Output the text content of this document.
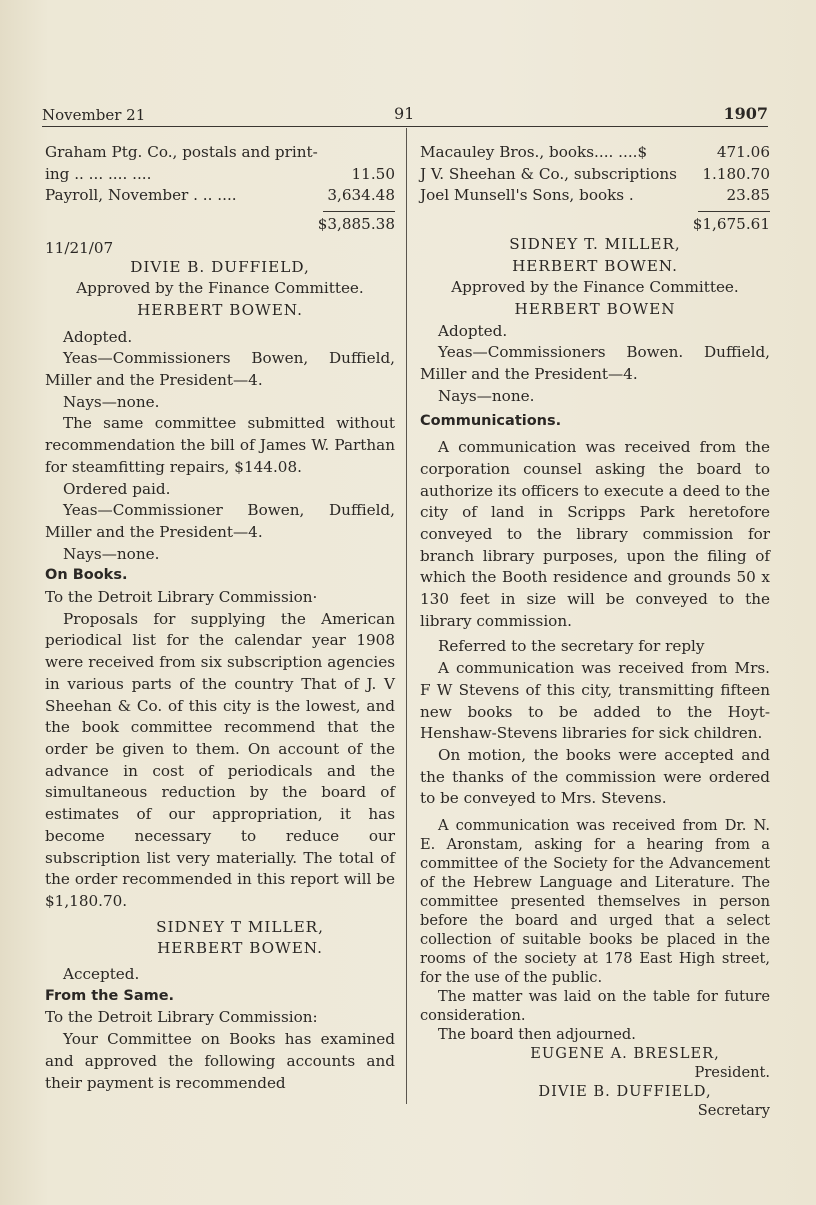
November 21	91	1907

Graham Ptg. Co., postals and print-

ing .. ... .... ....	11.50
Payroll, November . .. ....	3,634.48

$3,885.38

11/21/07

DIVIE B. DUFFIELD,

Approved by the Finance Committee.

HERBERT BOWEN.

Adopted.

Yeas—Commissioners Bowen, Duffield, Miller and the President—4.

Nays—none.

The same committee submitted without recommendation the bill of James W. Parthan for steamfitting repairs, $144.08.

Ordered paid.

Yeas—Commissioner Bowen, Duffield, Miller and the President—4.

Nays—none.

On Books.

To the Detroit Library Commission·

Proposals for supplying the American periodical list for the calendar year 1908 were received from six subscription agencies in various parts of the country That of J. V Sheehan & Co. of this city is the lowest, and the book committee recommend that the order be given to them. On account of the advance in cost of periodicals and the simultaneous reduction by the board of estimates of our appropriation, it has become necessary to reduce our subscription list very materially. The total of the order recommended in this report will be $1,180.70.

SIDNEY T MILLER,

HERBERT BOWEN.

Accepted.

From the Same.

To the Detroit Library Commission:

Your Committee on Books has examined and approved the following accounts and their payment is recommended

Macauley Bros., books.... ....$	471.06
J V. Sheehan & Co., subscriptions 1.180.70
Joel Munsell's Sons, books .	23.85

$1,675.61

SIDNEY T. MILLER,

HERBERT BOWEN.

Approved by the Finance Committee.

HERBERT BOWEN

Adopted.

Yeas—Commissioners Bowen. Duffield, Miller and the President—4.

Nays—none.

Communications.

A communication was received from the corporation counsel asking the board to authorize its officers to execute a deed to the city of land in Scripps Park heretofore conveyed to the library commission for branch library purposes, upon the filing of which the Booth residence and grounds 50 x 130 feet in size will be conveyed to the library commission.

Referred to the secretary for reply

A communication was received from Mrs. F W Stevens of this city, transmitting fifteen new books to be added to the Hoyt-Henshaw-Stevens libraries for sick children.

On motion, the books were accepted and the thanks of the commission were ordered to be conveyed to Mrs. Stevens.

A communication was received from Dr. N. E. Aronstam, asking for a hearing from a committee of the Society for the Advancement of the Hebrew Language and Literature. The committee presented themselves in person before the board and urged that a select collection of suitable books be placed in the rooms of the society at 178 East High street, for the use of the public.

The matter was laid on the table for future consideration.

The board then adjourned.

EUGENE A. BRESLER,

President.

DIVIE B. DUFFIELD,

Secretary
